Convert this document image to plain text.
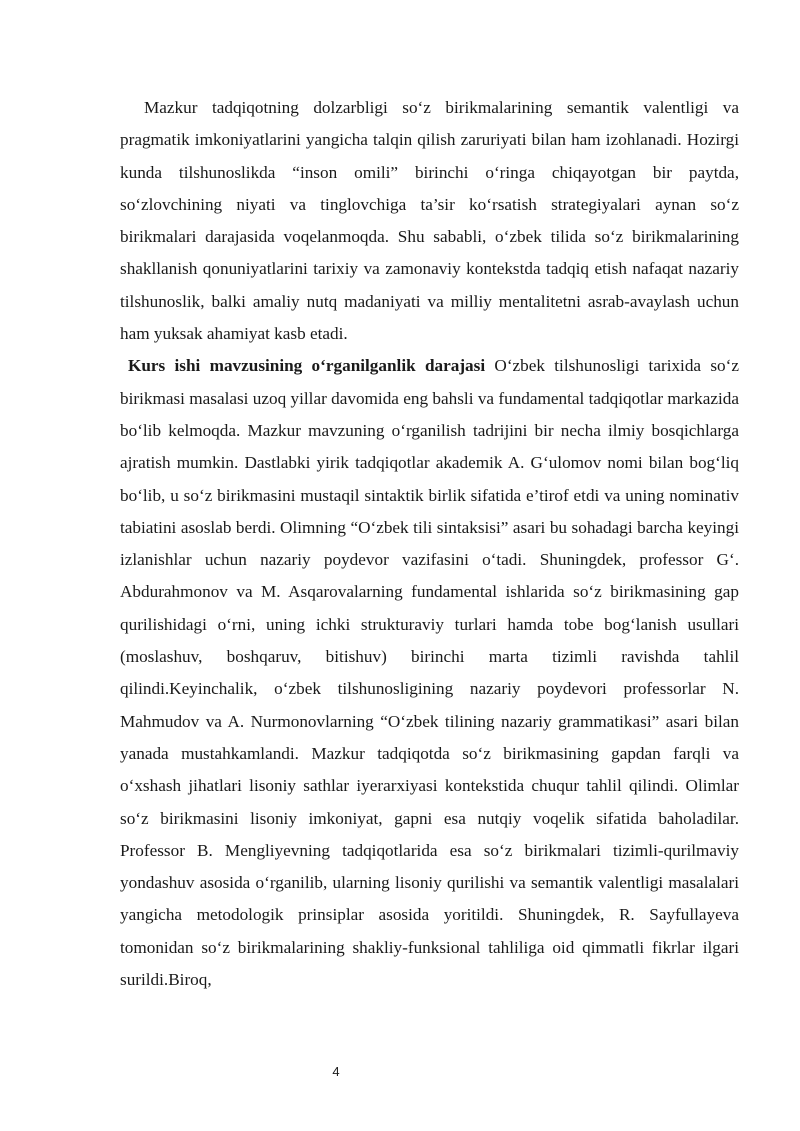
Mazkur tadqiqotning dolzarbligi so‘z birikmalarining semantik valentligi va pragmatik imkoniyatlarini yangicha talqin qilish zaruriyati bilan ham izohlanadi. Hozirgi kunda tilshunoslikda “inson omili” birinchi o‘ringa chiqayotgan bir paytda, so‘zlovchining niyati va tinglovchiga ta’sir ko‘rsatish strategiyalari aynan so‘z birikmalari darajasida voqelanmoqda. Shu sababli, o‘zbek tilida so‘z birikmalarining shakllanish qonuniyatlarini tarixiy va zamonaviy kontekstda tadqiq etish nafaqat nazariy tilshunoslik, balki amaliy nutq madaniyati va milliy mentalitetni asrab-avaylash uchun ham yuksak ahamiyat kasb etadi.

Kurs ishi mavzusining o‘rganilganlik darajasi O‘zbek tilshunosligi tarixida so‘z birikmasi masalasi uzoq yillar davomida eng bahsli va fundamental tadqiqotlar markazida bo‘lib kelmoqda. Mazkur mavzuning o‘rganilish tadrijini bir necha ilmiy bosqichlarga ajratish mumkin. Dastlabki yirik tadqiqotlar akademik A. G‘ulomov nomi bilan bog‘liq bo‘lib, u so‘z birikmasini mustaqil sintaktik birlik sifatida e’tirof etdi va uning nominativ tabiatini asoslab berdi. Olimning “O‘zbek tili sintaksisi” asari bu sohadagi barcha keyingi izlanishlar uchun nazariy poydevor vazifasini o‘tadi. Shuningdek, professor G‘. Abdurahmonov va M. Asqarovalarning fundamental ishlarida so‘z birikmasining gap qurilishidagi o‘rni, uning ichki strukturaviy turlari hamda tobe bog‘lanish usullari (moslashuv, boshqaruv, bitishuv) birinchi marta tizimli ravishda tahlil qilindi.Keyinchalik, o‘zbek tilshunosligining nazariy poydevori professorlar N. Mahmudov va A. Nurmonovlarning “O‘zbek tilining nazariy grammatikasi” asari bilan yanada mustahkamlandi. Mazkur tadqiqotda so‘z birikmasining gapdan farqli va o‘xshash jihatlari lisoniy sathlar iyerarxiyasi kontekstida chuqur tahlil qilindi. Olimlar so‘z birikmasini lisoniy imkoniyat, gapni esa nutqiy voqelik sifatida baholadilar. Professor B. Mengliyevning tadqiqotlarida esa so‘z birikmalari tizimli-qurilmaviy yondashuv asosida o‘rganilib, ularning lisoniy qurilishi va semantik valentligi masalalari yangicha metodologik prinsiplar asosida yoritildi. Shuningdek, R. Sayfullayeva tomonidan so‘z birikmalarining shakliy-funksional tahliliga oid qimmatli fikrlar ilgari surildi.Biroq,

4
